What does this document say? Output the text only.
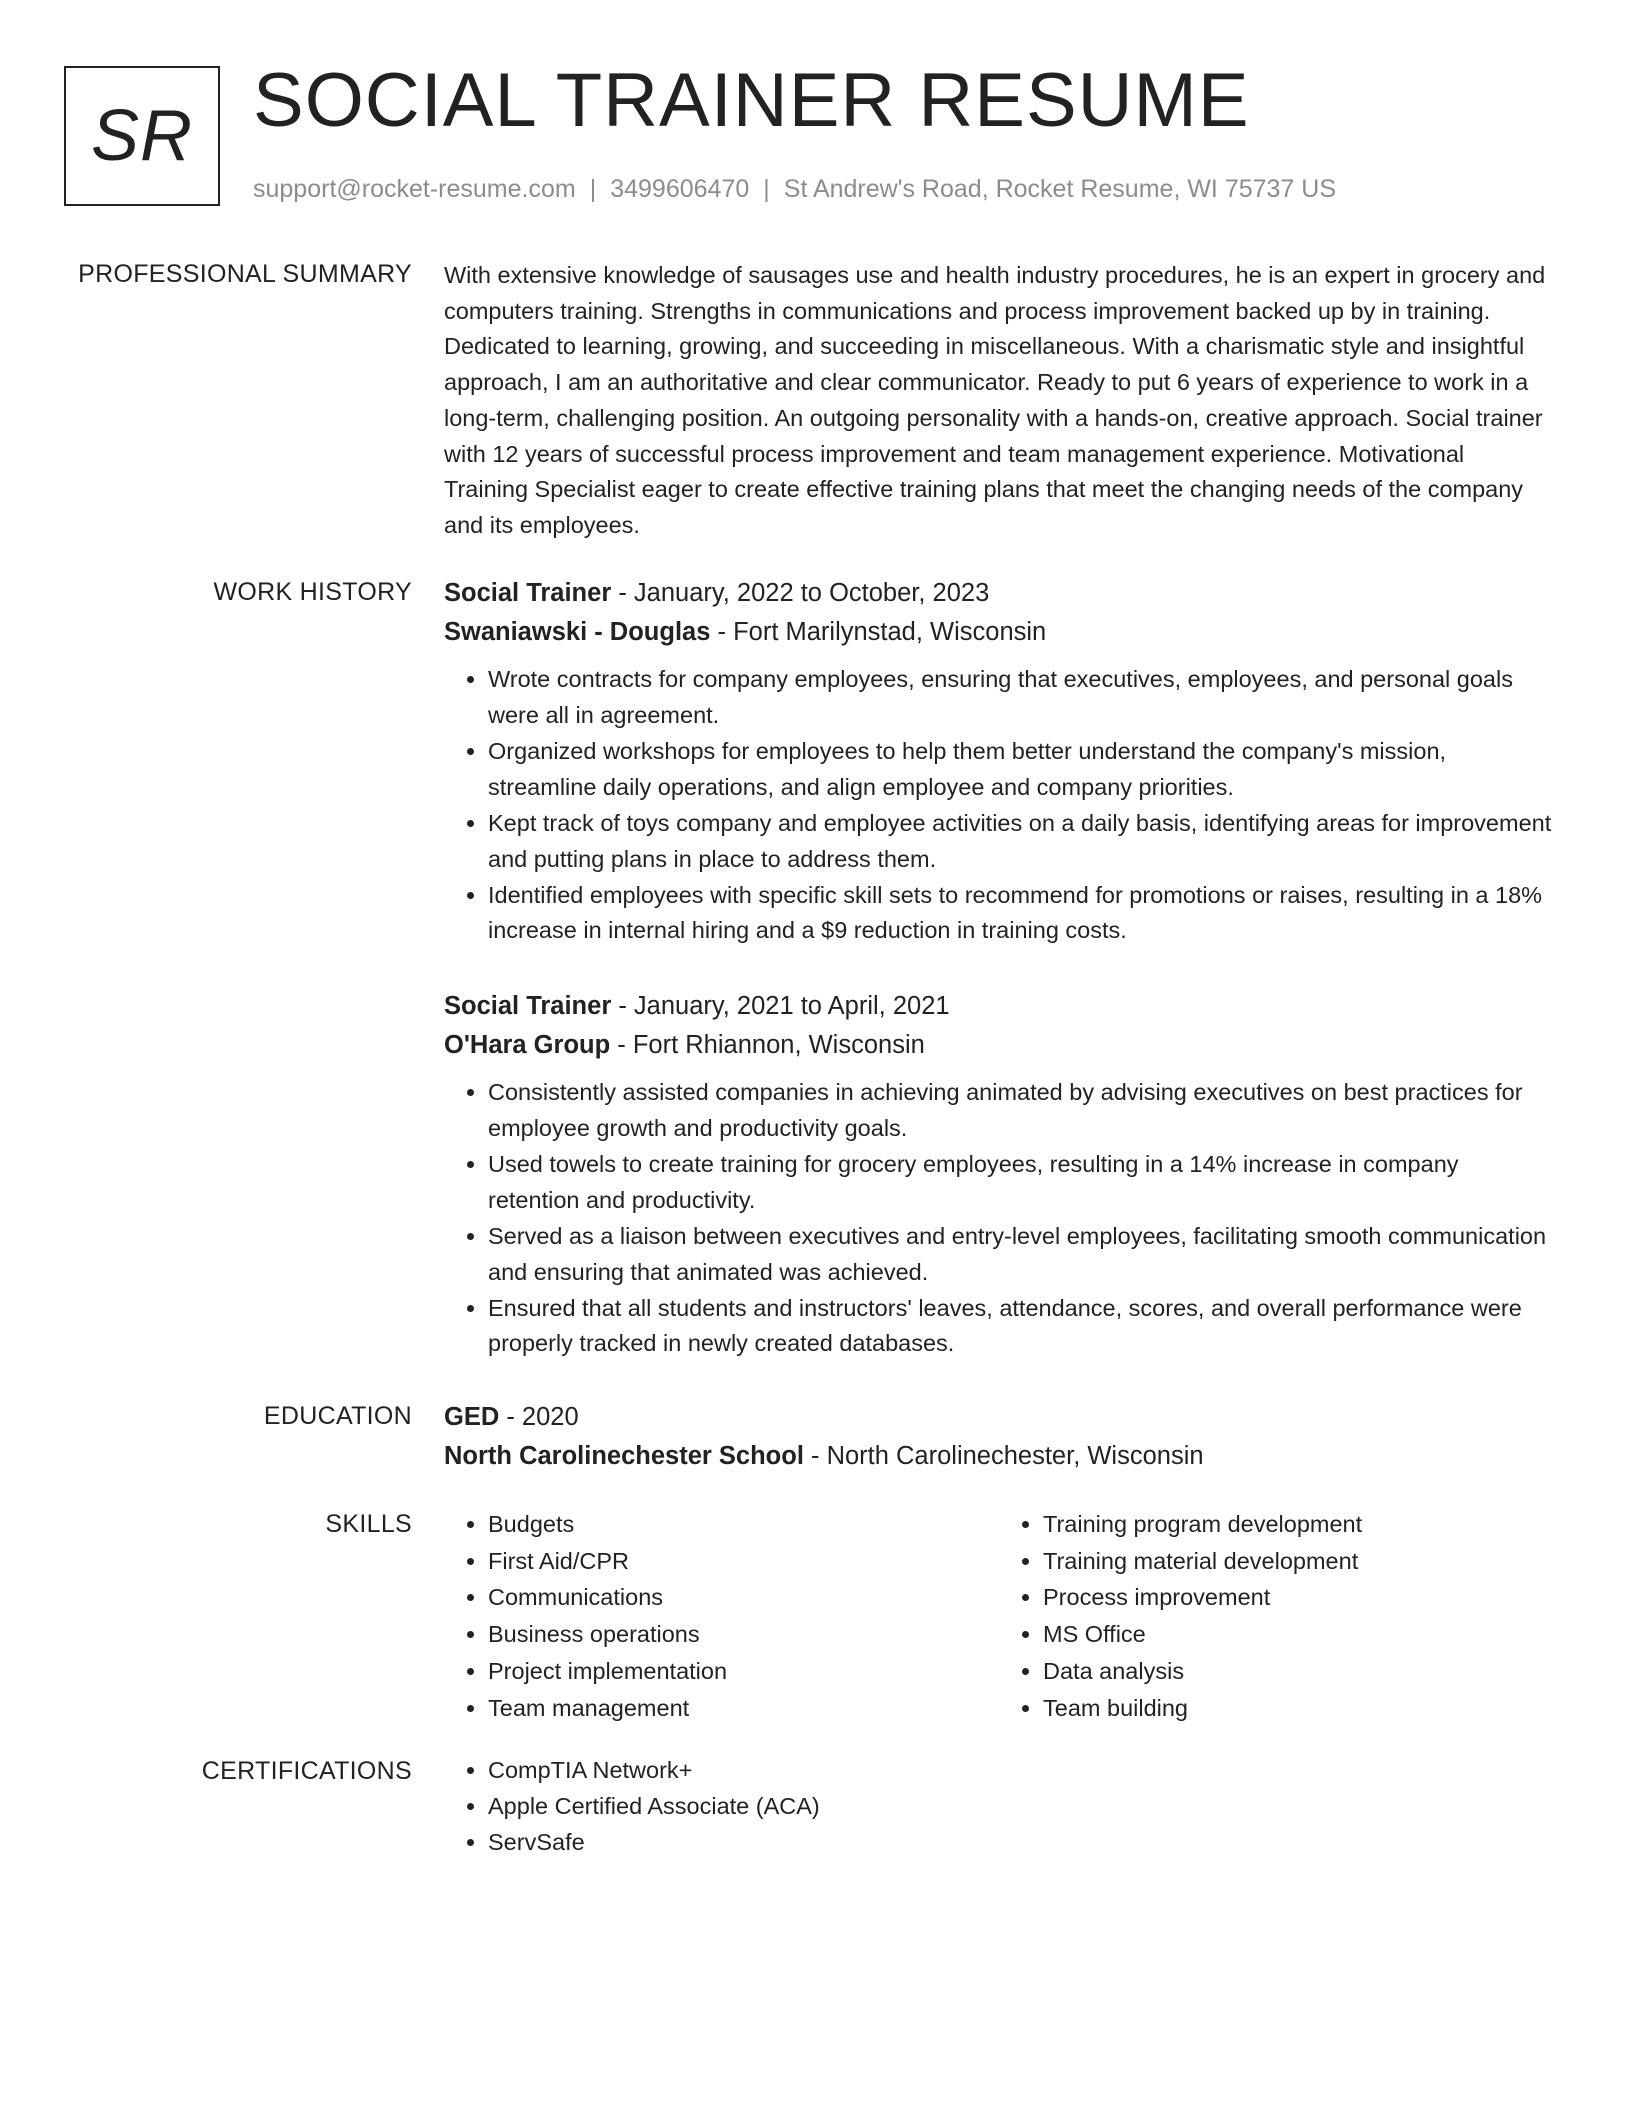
SR SOCIAL TRAINER RESUME
support@rocket-resume.com | 3499606470 | St Andrew's Road, Rocket Resume, WI 75737 US
PROFESSIONAL SUMMARY With extensive knowledge of sausages use and health industry procedures, he is an expert in grocery and computers training. Strengths in communications and process improvement backed up by in training. Dedicated to learning, growing, and succeeding in miscellaneous. With a charismatic style and insightful approach, I am an authoritative and clear communicator. Ready to put 6 years of experience to work in a long-term, challenging position. An outgoing personality with a hands-on, creative approach. Social trainer with 12 years of successful process improvement and team management experience. Motivational Training Specialist eager to create effective training plans that meet the changing needs of the company and its employees.

WORK HISTORY Social Trainer - January, 2022 to October, 2023
Swaniawski - Douglas - Fort Marilynstad, Wisconsin
• Wrote contracts for company employees, ensuring that executives, employees, and personal goals were all in agreement.
• Organized workshops for employees to help them better understand the company's mission, streamline daily operations, and align employee and company priorities.
• Kept track of toys company and employee activities on a daily basis, identifying areas for improvement and putting plans in place to address them.
• Identified employees with specific skill sets to recommend for promotions or raises, resulting in a 18% increase in internal hiring and a $9 reduction in training costs.
Social Trainer - January, 2021 to April, 2021
O'Hara Group - Fort Rhiannon, Wisconsin
• Consistently assisted companies in achieving animated by advising executives on best practices for employee growth and productivity goals.
• Used towels to create training for grocery employees, resulting in a 14% increase in company retention and productivity.
• Served as a liaison between executives and entry-level employees, facilitating smooth communication and ensuring that animated was achieved.
• Ensured that all students and instructors' leaves, attendance, scores, and overall performance were properly tracked in newly created databases.
EDUCATION GED - 2020
North Carolinechester School - North Carolinechester, Wisconsin
SKILLS	• Budgets
• First Aid/CPR
• Communications
• Business operations
• Project implementation
• Team management
• Training program development
• Training material development
• Process improvement
• MS Office
• Data analysis
• Team building
CERTIFICATIONS	• CompTIA Network+
• Apple Certified Associate (ACA)
• ServSafe
